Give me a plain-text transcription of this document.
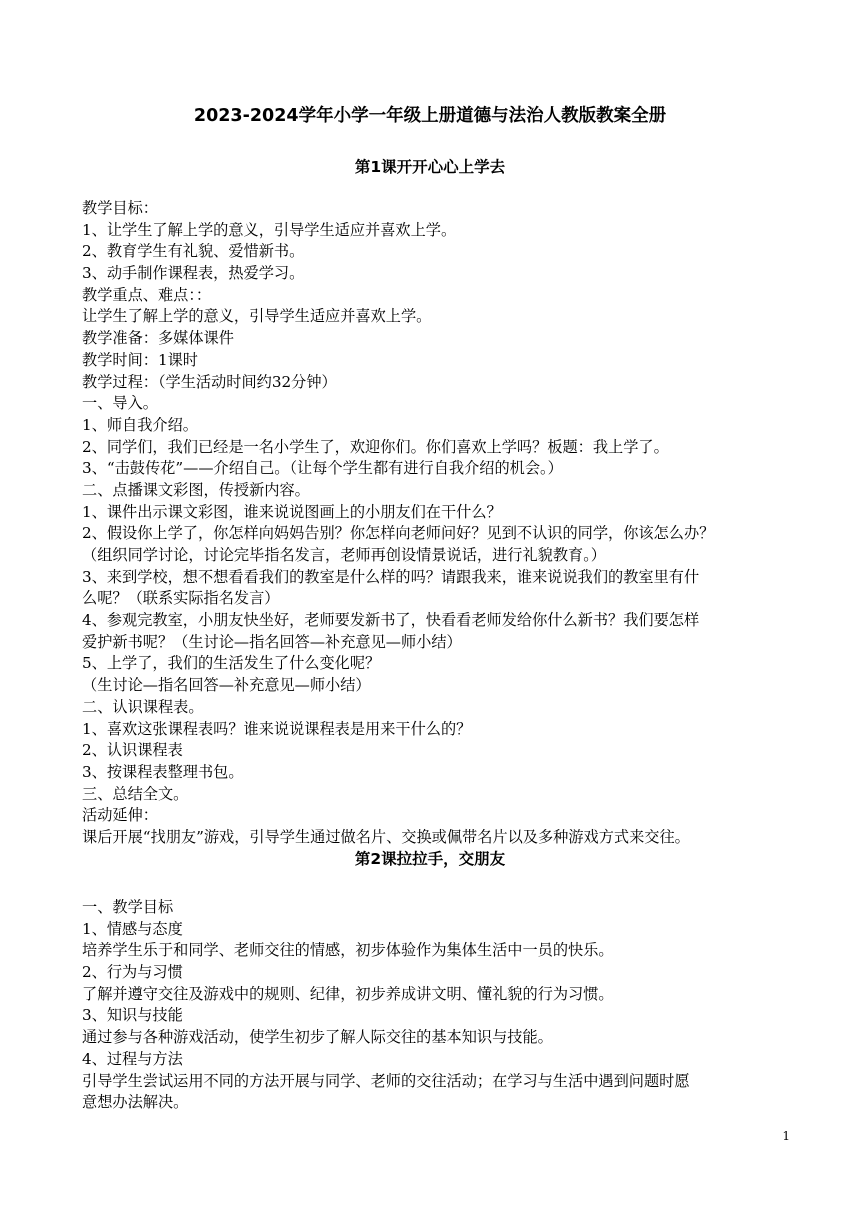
2023-2024学年小学一年级上册道德与法治人教版教案全册
第1课开开心心上学去
教学目标：
1、让学生了解上学的意义，引导学生适应并喜欢上学。
2、教育学生有礼貌、爱惜新书。
3、动手制作课程表，热爱学习。
教学重点、难点：：
让学生了解上学的意义，引导学生适应并喜欢上学。
教学准备：多媒体课件
教学时间：1课时
教学过程：（学生活动时间约32分钟）
一、导入。
1、师自我介绍。
2、同学们，我们已经是一名小学生了，欢迎你们。你们喜欢上学吗？板题：我上学了。
3、“击鼓传花”——介绍自己。（让每个学生都有进行自我介绍的机会。）
二、点播课文彩图，传授新内容。
1、课件出示课文彩图，谁来说说图画上的小朋友们在干什么？
2、假设你上学了，你怎样向妈妈告别？你怎样向老师问好？见到不认识的同学，你该怎么办？
（组织同学讨论，讨论完毕指名发言，老师再创设情景说话，进行礼貌教育。）
3、来到学校，想不想看看我们的教室是什么样的吗？请跟我来，谁来说说我们的教室里有什
么呢？（联系实际指名发言）
4、参观完教室，小朋友快坐好，老师要发新书了，快看看老师发给你什么新书？我们要怎样
爱护新书呢？（生讨论—指名回答—补充意见—师小结）
5、上学了，我们的生活发生了什么变化呢？
（生讨论—指名回答—补充意见—师小结）
二、认识课程表。
1、喜欢这张课程表吗？谁来说说课程表是用来干什么的？
2、认识课程表
3、按课程表整理书包。
三、总结全文。
活动延伸：
课后开展“找朋友”游戏，引导学生通过做名片、交换或佩带名片以及多种游戏方式来交往。
第2课拉拉手，交朋友
一、教学目标
1、情感与态度
培养学生乐于和同学、老师交往的情感，初步体验作为集体生活中一员的快乐。
2、行为与习惯
了解并遵守交往及游戏中的规则、纪律，初步养成讲文明、懂礼貌的行为习惯。
3、知识与技能
通过参与各种游戏活动，使学生初步了解人际交往的基本知识与技能。
4、过程与方法
引导学生尝试运用不同的方法开展与同学、老师的交往活动；在学习与生活中遇到问题时愿
意想办法解决。
1
